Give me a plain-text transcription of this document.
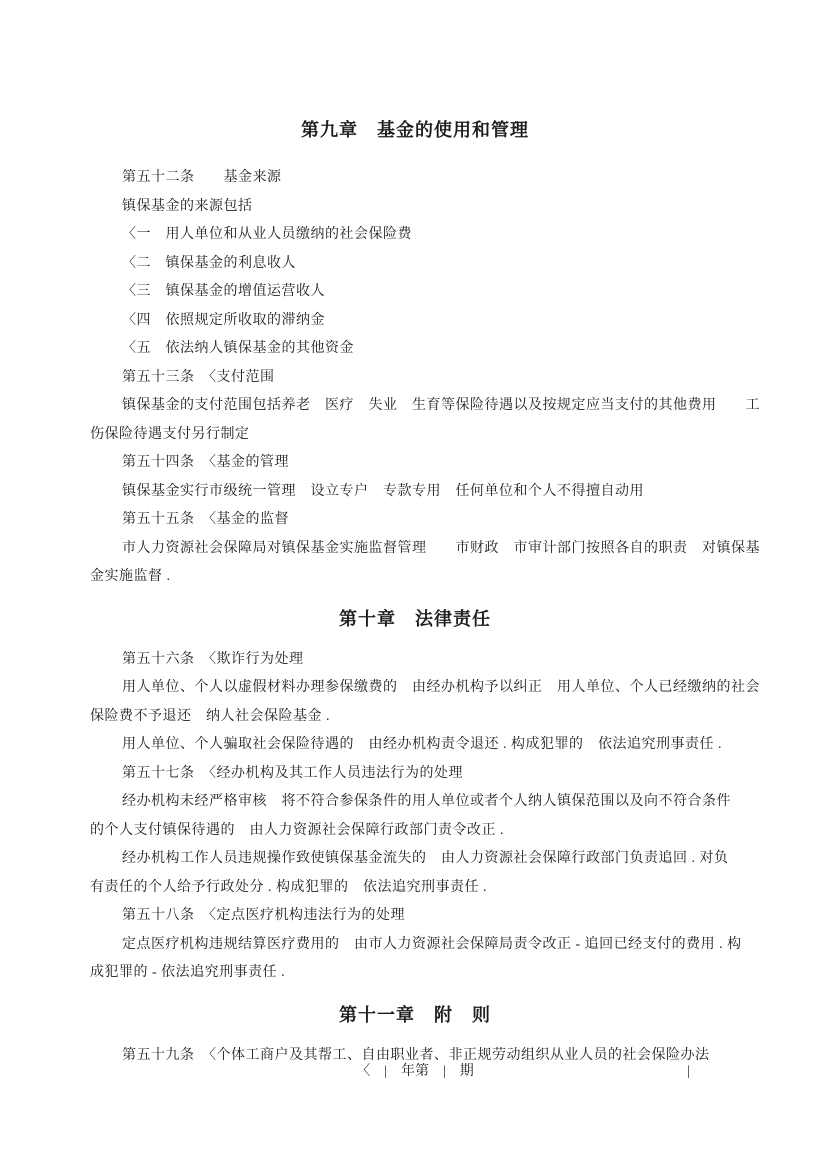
第九章　基金的使用和管理
第五十二条　　基金来源
镇保基金的来源包括
〈一　用人单位和从业人员缴纳的社会保险费
〈二　镇保基金的利息收人
〈三　镇保基金的增值运营收人
〈四　依照规定所收取的滞纳金
〈五　依法纳人镇保基金的其他资金
第五十三条　〈支付范围
镇保基金的支付范围包括养老　医疗　失业　生育等保险待遇以及按规定应当支付的其他费用　　工
伤保险待遇支付另行制定
第五十四条　〈基金的管理
镇保基金实行市级统一管理　设立专户　专款专用　任何单位和个人不得擅自动用
第五十五条　〈基金的监督
市人力资源社会保障局对镇保基金实施监督管理　　市财政　市审计部门按照各自的职责　对镇保基
金实施监督 .
第十章　法律责任
第五十六条　〈欺诈行为处理
用人单位、个人以虚假材料办理参保缴费的　由经办机构予以纠正　用人单位、个人已经缴纳的社会
保险费不予退还　纳人社会保险基金 .
用人单位、个人骗取社会保险待遇的　由经办机构责令退还 . 构成犯罪的　依法追究刑事责任 .
第五十七条　〈经办机构及其工作人员违法行为的处理
经办机构未经严格审核　将不符合参保条件的用人单位或者个人纳人镇保范围以及向不符合条件
的个人支付镇保待遇的　由人力资源社会保障行政部门责令改正 .
经办机构工作人员违规操作致使镇保基金流失的　由人力资源社会保障行政部门负责追回 . 对负
有责任的个人给予行政处分 . 构成犯罪的　依法追究刑事责任 .
第五十八条　〈定点医疗机构违法行为的处理
定点医疗机构违规结算医疗费用的　由市人力资源社会保障局责令改正 - 追回已经支付的费用 . 构
成犯罪的 - 依法追究刑事责任 .
第十一章　附　则
第五十九条　〈个体工商户及其帮工、自由职业者、非正规劳动组织从业人员的社会保险办法
〈　|　年第　|　期	|
